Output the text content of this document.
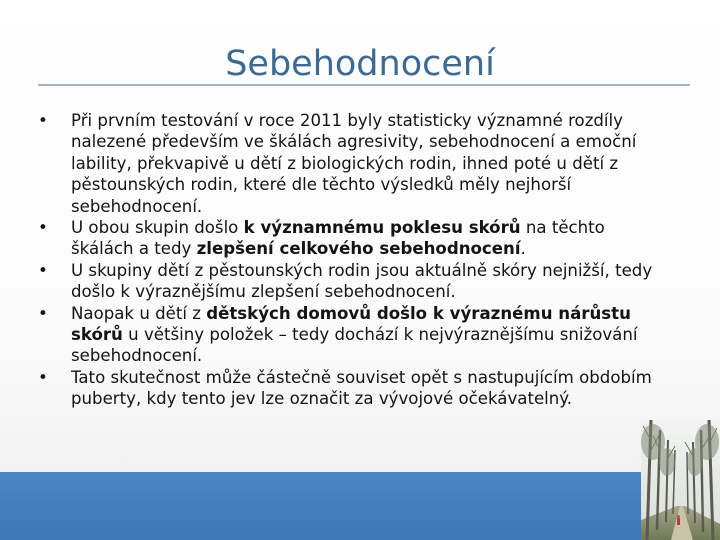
Sebehodnocení
• Při prvním testování v roce 2011 byly statisticky významné rozdíly nalezené především ve škálách agresivity, sebehodnocení a emoční lability, překvapivě u dětí z biologických rodin, ihned poté u dětí z pěstounských rodin, které dle těchto výsledků měly nejhorší sebehodnocení.
• U obou skupin došlo k významnému poklesu skórů na těchto škálách a tedy zlepšení celkového sebehodnocení.
• U skupiny dětí z pěstounských rodin jsou aktuálně skóry nejnižší, tedy došlo k výraznějšímu zlepšení sebehodnocení.
• Naopak u dětí z dětských domovů došlo k výraznému nárůstu skórů u většiny položek – tedy dochází k nejvýraznějšímu snižování sebehodnocení.
• Tato skutečnost může částečně souviset opět s nastupujícím obdobím puberty, kdy tento jev lze označit za vývojové očekávatelný.
